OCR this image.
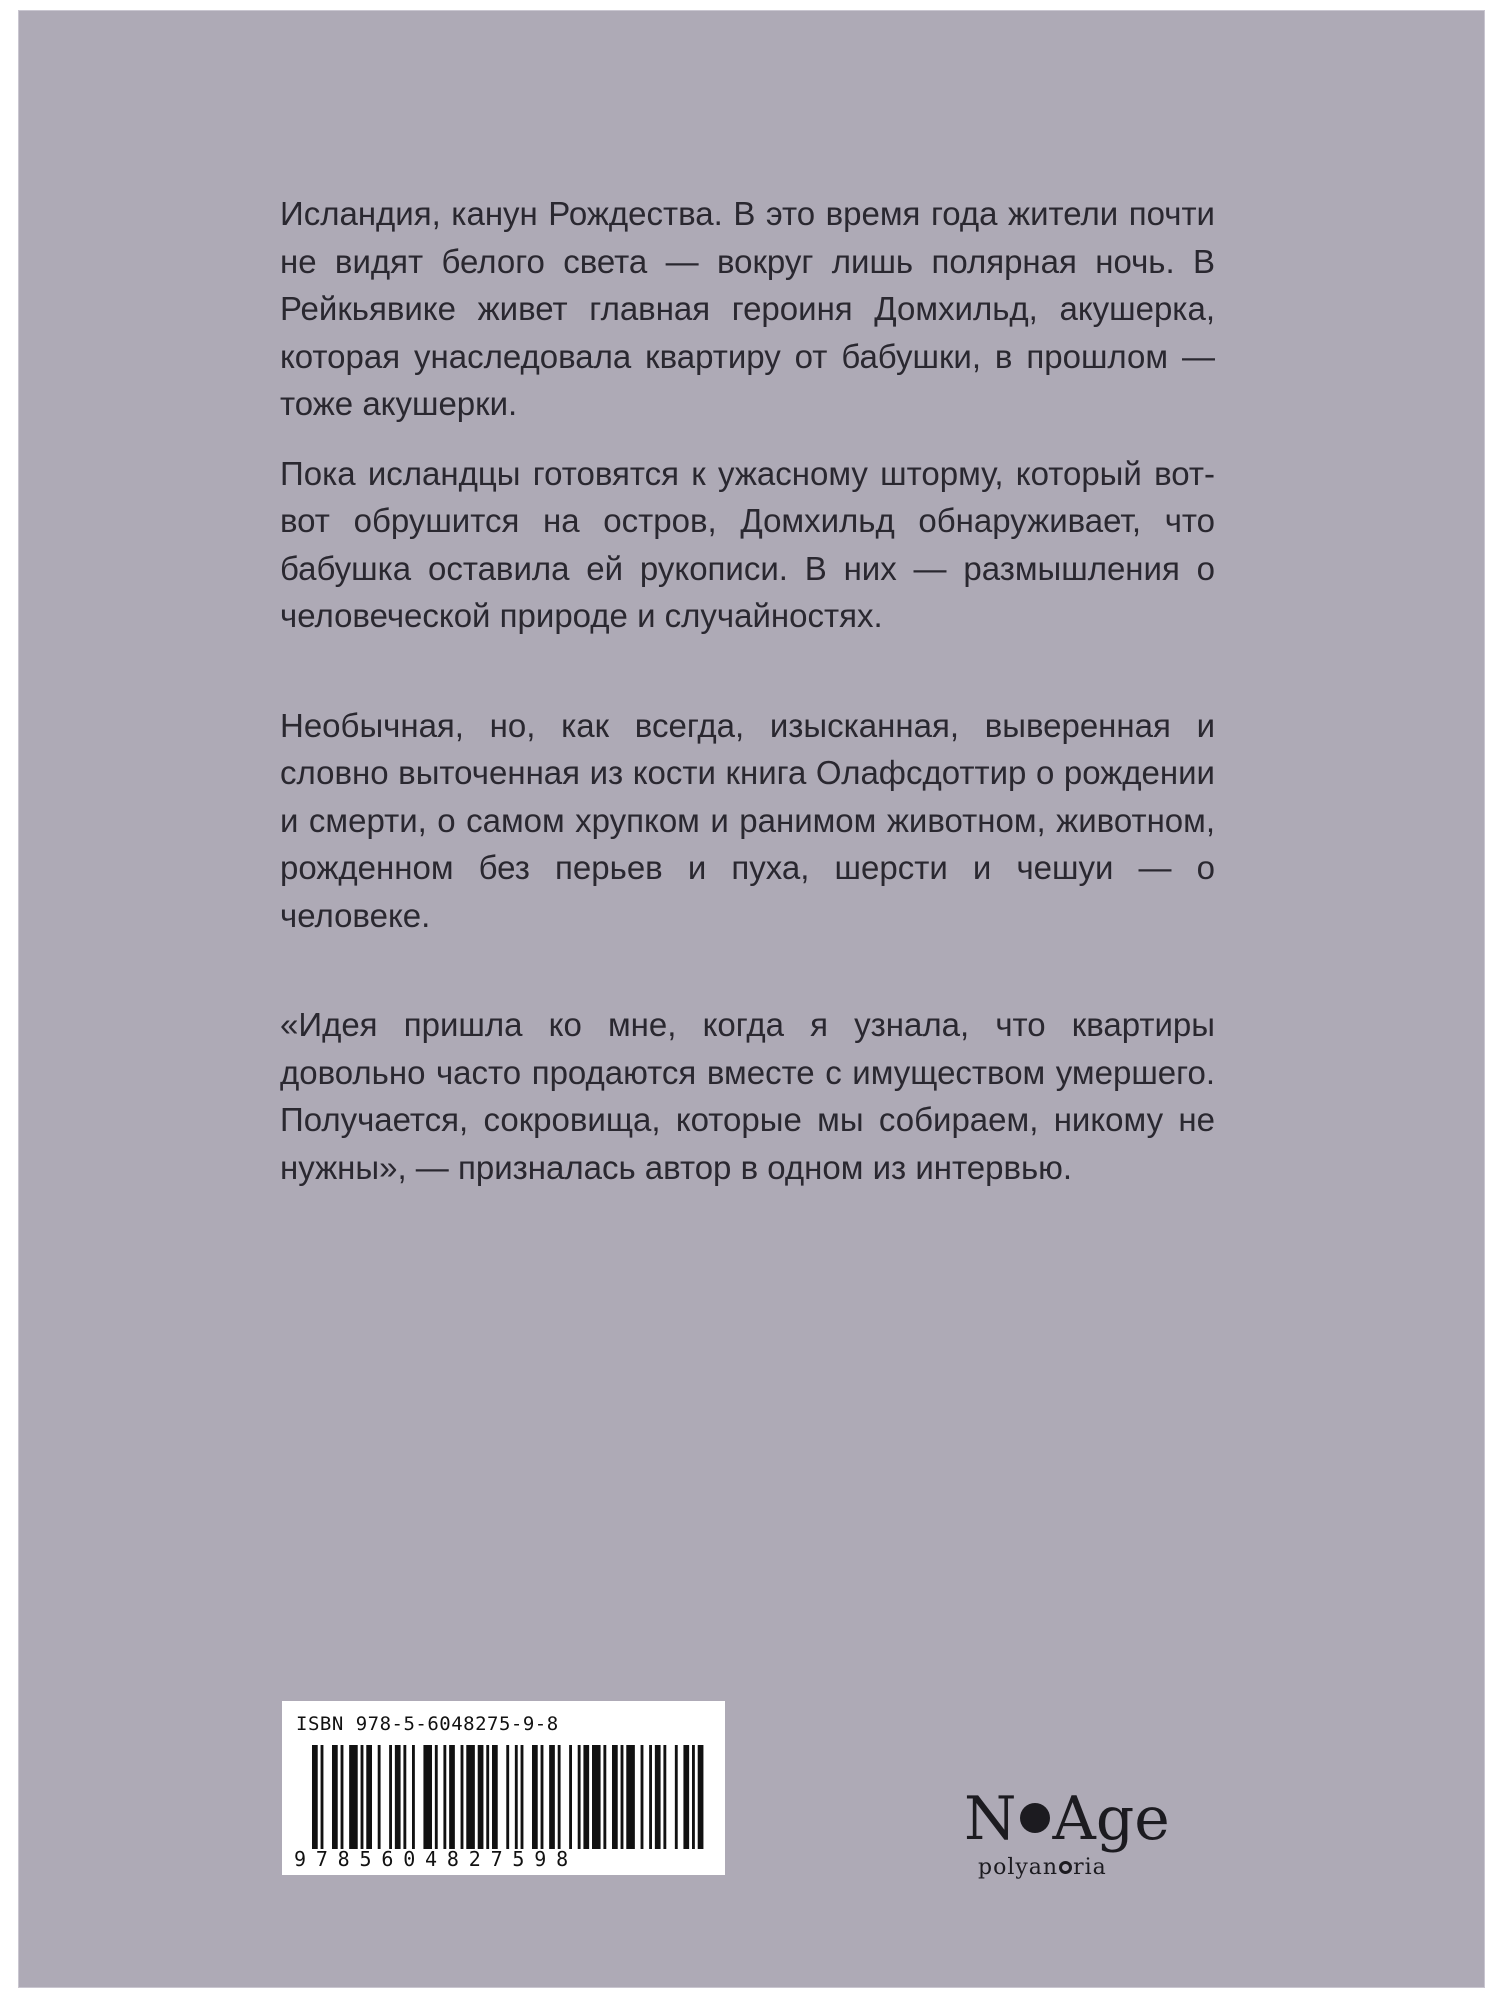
Исландия, канун Рождества. В это время года жители почти не видят белого света — вокруг лишь полярная ночь. В Рейкьявике живет главная героиня Домхильд, акушерка, которая унаследовала квартиру от бабушки, в прошлом — тоже акушерки.

Пока исландцы готовятся к ужасному шторму, который вот-вот обрушится на остров, Домхильд обнаруживает, что бабушка оставила ей рукописи. В них — размышления о человеческой природе и случайностях.

Необычная, но, как всегда, изысканная, выверенная и словно выточенная из кости книга Олафсдоттир о рождении и смерти, о самом хрупком и ранимом животном, животном, рожденном без перьев и пуха, шерсти и чешуи — о человеке.

«Идея пришла ко мне, когда я узнала, что квартиры довольно часто продаются вместе с имуществом умершего. Получается, сокровища, которые мы собираем, никому не нужны», — призналась автор в одном из интервью.

ISBN 978-5-6048275-9-8
9785604827598
N Age
polyan ria
